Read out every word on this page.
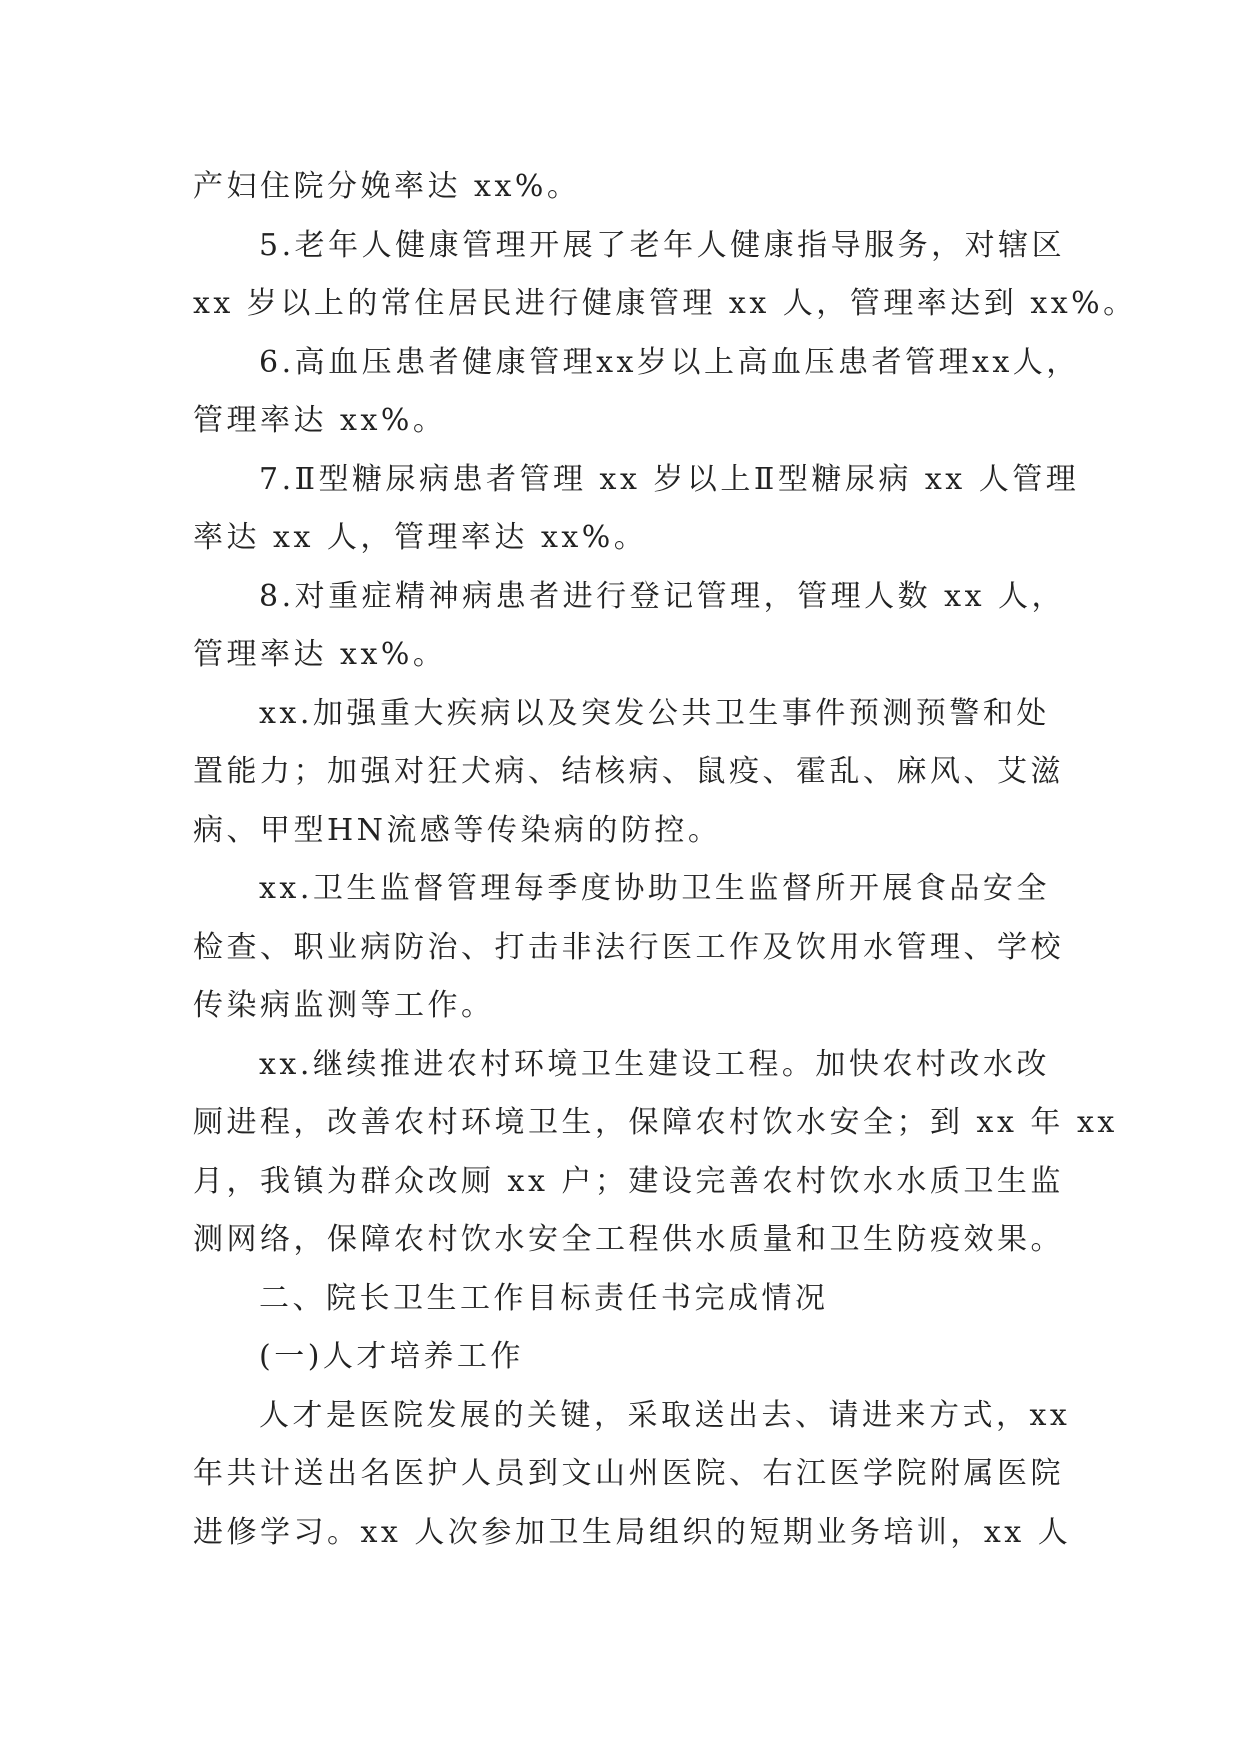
产妇住院分娩率达 xx%。
5.老年人健康管理开展了老年人健康指导服务，对辖区
xx 岁以上的常住居民进行健康管理 xx 人，管理率达到 xx%。
6.高血压患者健康管理xx岁以上高血压患者管理xx人，
管理率达 xx%。
7.Ⅱ型糖尿病患者管理 xx 岁以上Ⅱ型糖尿病 xx 人管理
率达 xx 人，管理率达 xx%。
8.对重症精神病患者进行登记管理，管理人数 xx 人，
管理率达 xx%。
xx.加强重大疾病以及突发公共卫生事件预测预警和处
置能力；加强对狂犬病、结核病、鼠疫、霍乱、麻风、艾滋
病、甲型HN流感等传染病的防控。
xx.卫生监督管理每季度协助卫生监督所开展食品安全
检查、职业病防治、打击非法行医工作及饮用水管理、学校
传染病监测等工作。
xx.继续推进农村环境卫生建设工程。加快农村改水改
厕进程，改善农村环境卫生，保障农村饮水安全；到 xx 年 xx
月，我镇为群众改厕 xx 户；建设完善农村饮水水质卫生监
测网络，保障农村饮水安全工程供水质量和卫生防疫效果。
二、院长卫生工作目标责任书完成情况
(一)人才培养工作
人才是医院发展的关键，采取送出去、请进来方式，xx
年共计送出名医护人员到文山州医院、右江医学院附属医院
进修学习。xx 人次参加卫生局组织的短期业务培训，xx 人
